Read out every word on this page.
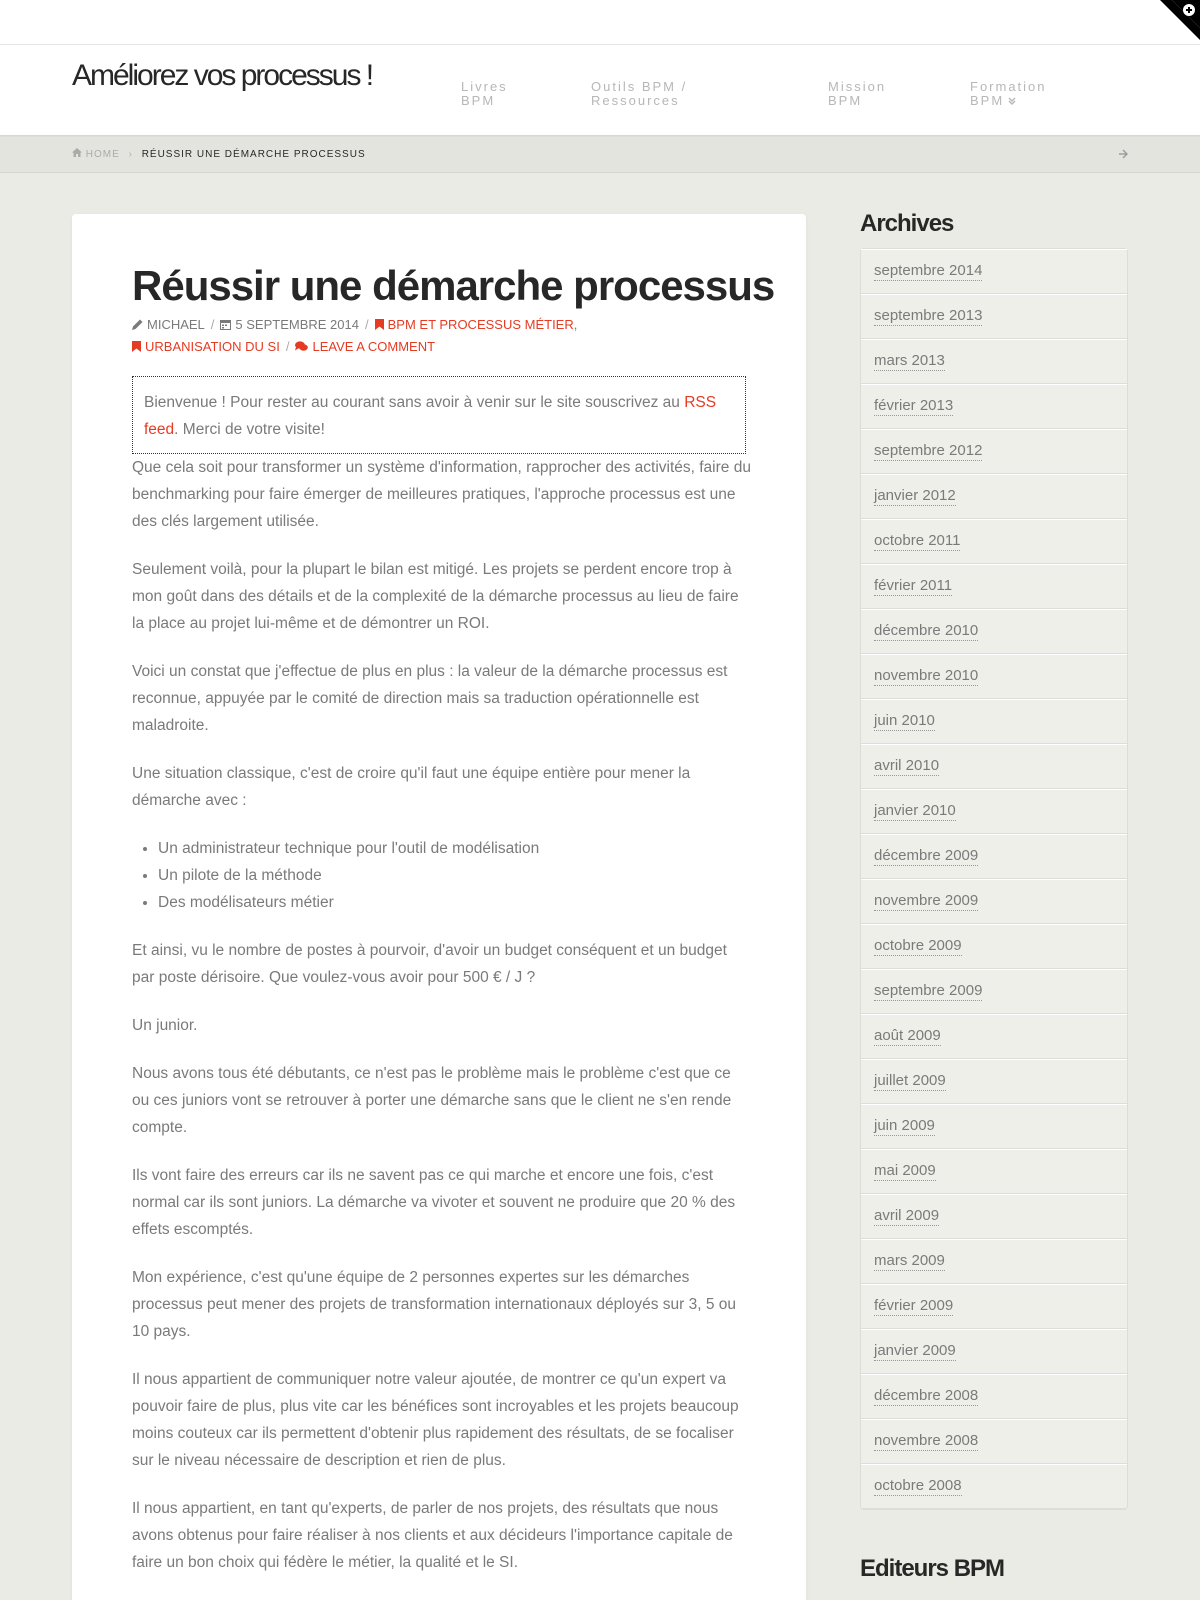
Améliorez vos processus !	Livres
BPM
Outils BPM /
Ressources
Mission
BPM
Formation
BPM
HOME › RÉUSSIR UNE DÉMARCHE PROCESSUS
Réussir une démarche processus
MICHAEL / 5 SEPTEMBRE 2014 / BPM ET PROCESSUS MÉTIER,
URBANISATION DU SI / LEAVE A COMMENT
Bienvenue ! Pour rester au courant sans avoir à venir sur le site souscrivez au RSS feed. Merci de votre visite!

Que cela soit pour transformer un système d'information, rapprocher des activités, faire du benchmarking pour faire émerger de meilleures pratiques, l'approche processus est une des clés largement utilisée.

Seulement voilà, pour la plupart le bilan est mitigé. Les projets se perdent encore trop à mon goût dans des détails et de la complexité de la démarche processus au lieu de faire la place au projet lui-même et de démontrer un ROI.

Voici un constat que j'effectue de plus en plus : la valeur de la démarche processus est reconnue, appuyée par le comité de direction mais sa traduction opérationnelle est maladroite.

Une situation classique, c'est de croire qu'il faut une équipe entière pour mener la démarche avec :

• Un administrateur technique pour l'outil de modélisation
• Un pilote de la méthode
• Des modélisateurs métier

Et ainsi, vu le nombre de postes à pourvoir, d'avoir un budget conséquent et un budget par poste dérisoire. Que voulez-vous avoir pour 500 € / J ?

Un junior.

Nous avons tous été débutants, ce n'est pas le problème mais le problème c'est que ce ou ces juniors vont se retrouver à porter une démarche sans que le client ne s'en rende compte.

Ils vont faire des erreurs car ils ne savent pas ce qui marche et encore une fois, c'est normal car ils sont juniors. La démarche va vivoter et souvent ne produire que 20 % des effets escomptés.

Mon expérience, c'est qu'une équipe de 2 personnes expertes sur les démarches processus peut mener des projets de transformation internationaux déployés sur 3, 5 ou 10 pays.

Il nous appartient de communiquer notre valeur ajoutée, de montrer ce qu'un expert va pouvoir faire de plus, plus vite car les bénéfices sont incroyables et les projets beaucoup moins couteux car ils permettent d'obtenir plus rapidement des résultats, de se focaliser sur le niveau nécessaire de description et rien de plus.

Il nous appartient, en tant qu'experts, de parler de nos projets, des résultats que nous avons obtenus pour faire réaliser à nos clients et aux décideurs l'importance capitale de faire un bon choix qui fédère le métier, la qualité et le SI.

Archives
septembre 2014
septembre 2013
mars 2013
février 2013
septembre 2012
janvier 2012
octobre 2011
février 2011
décembre 2010
novembre 2010
juin 2010
avril 2010
janvier 2010
décembre 2009
novembre 2009
octobre 2009
septembre 2009
août 2009
juillet 2009
juin 2009
mai 2009
avril 2009
mars 2009
février 2009
janvier 2009
décembre 2008
novembre 2008
octobre 2008
Editeurs BPM
